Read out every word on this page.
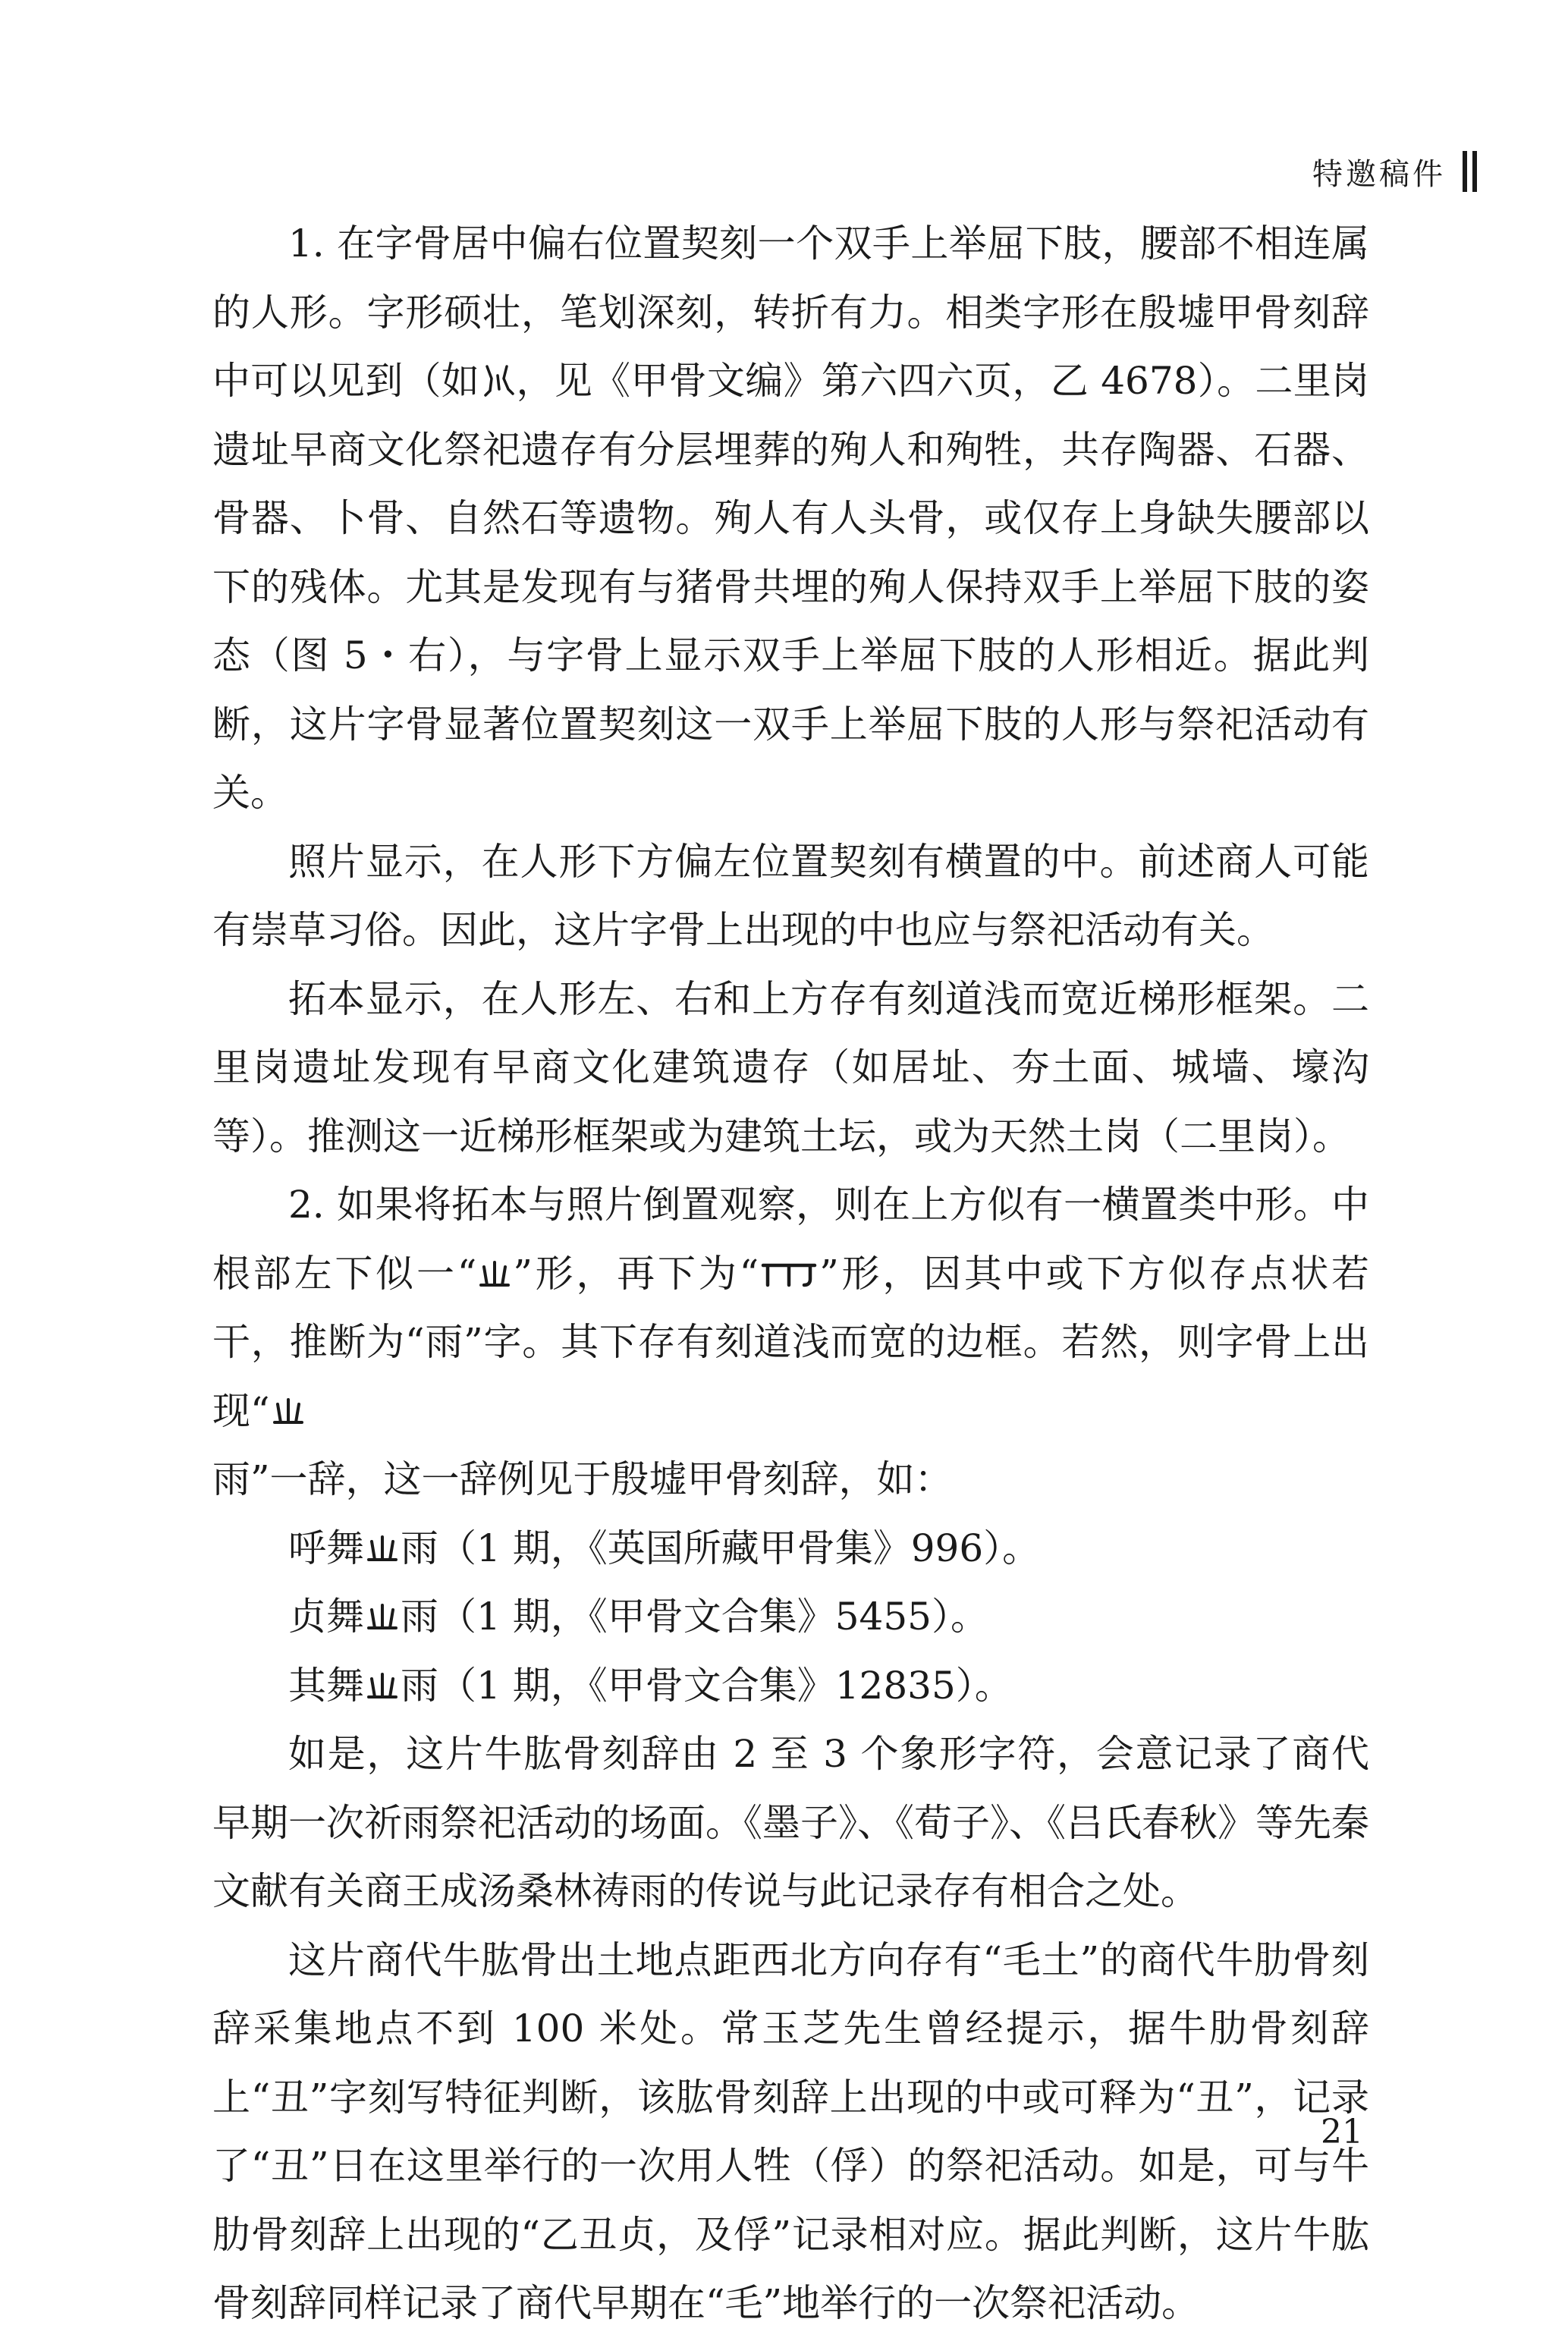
特邀稿件

1. 在字骨居中偏右位置契刻一个双手上举屈下肢，腰部不相连属的人形。字形硕壮，笔划深刻，转折有力。相类字形在殷墟甲骨刻辞中可以见到（如 ，见《甲骨文编》第六四六页，乙 4678）。二里岗遗址早商文化祭祀遗存有分层埋葬的殉人和殉牲，共存陶器、石器、骨器、卜骨、自然石等遗物。殉人有人头骨，或仅存上身缺失腰部以下的残体。尤其是发现有与猪骨共埋的殉人保持双手上举屈下肢的姿态（图 5・右），与字骨上显示双手上举屈下肢的人形相近。据此判断，这片字骨显著位置契刻这一双手上举屈下肢的人形与祭祀活动有关。

照片显示，在人形下方偏左位置契刻有横置的中。前述商人可能有崇草习俗。因此，这片字骨上出现的中也应与祭祀活动有关。

拓本显示，在人形左、右和上方存有刻道浅而宽近梯形框架。二里岗遗址发现有早商文化建筑遗存（如居址、夯土面、城墙、壕沟等）。推测这一近梯形框架或为建筑土坛，或为天然土岗（二里岗）。

2. 如果将拓本与照片倒置观察，则在上方似有一横置类中形。中根部左下似一“ ”形，再下为“ ”形，因其中或下方似存点状若干，推断为“雨”字。其下存有刻道浅而宽的边框。若然，则字骨上出现“

雨”一辞，这一辞例见于殷墟甲骨刻辞，如：

呼舞 雨（1 期，《英国所藏甲骨集》996）。

贞舞 雨（1 期，《甲骨文合集》5455）。

其舞 雨（1 期，《甲骨文合集》12835）。

如是，这片牛肱骨刻辞由 2 至 3 个象形字符，会意记录了商代早期一次祈雨祭祀活动的场面。《墨子》、《荀子》、《吕氏春秋》等先秦文献有关商王成汤桑林祷雨的传说与此记录存有相合之处。

这片商代牛肱骨出土地点距西北方向存有“毛土”的商代牛肋骨刻辞采集地点不到 100 米处。常玉芝先生曾经提示，据牛肋骨刻辞上“丑”字刻写特征判断，该肱骨刻辞上出现的中或可释为“丑”，记录了“丑”日在这里举行的一次用人牲（俘）的祭祀活动。如是，可与牛肋骨刻辞上出现的“乙丑贞，及俘”记录相对应。据此判断，这片牛肱骨刻辞同样记录了商代早期在“毛”地举行的一次祭祀活动。

21
